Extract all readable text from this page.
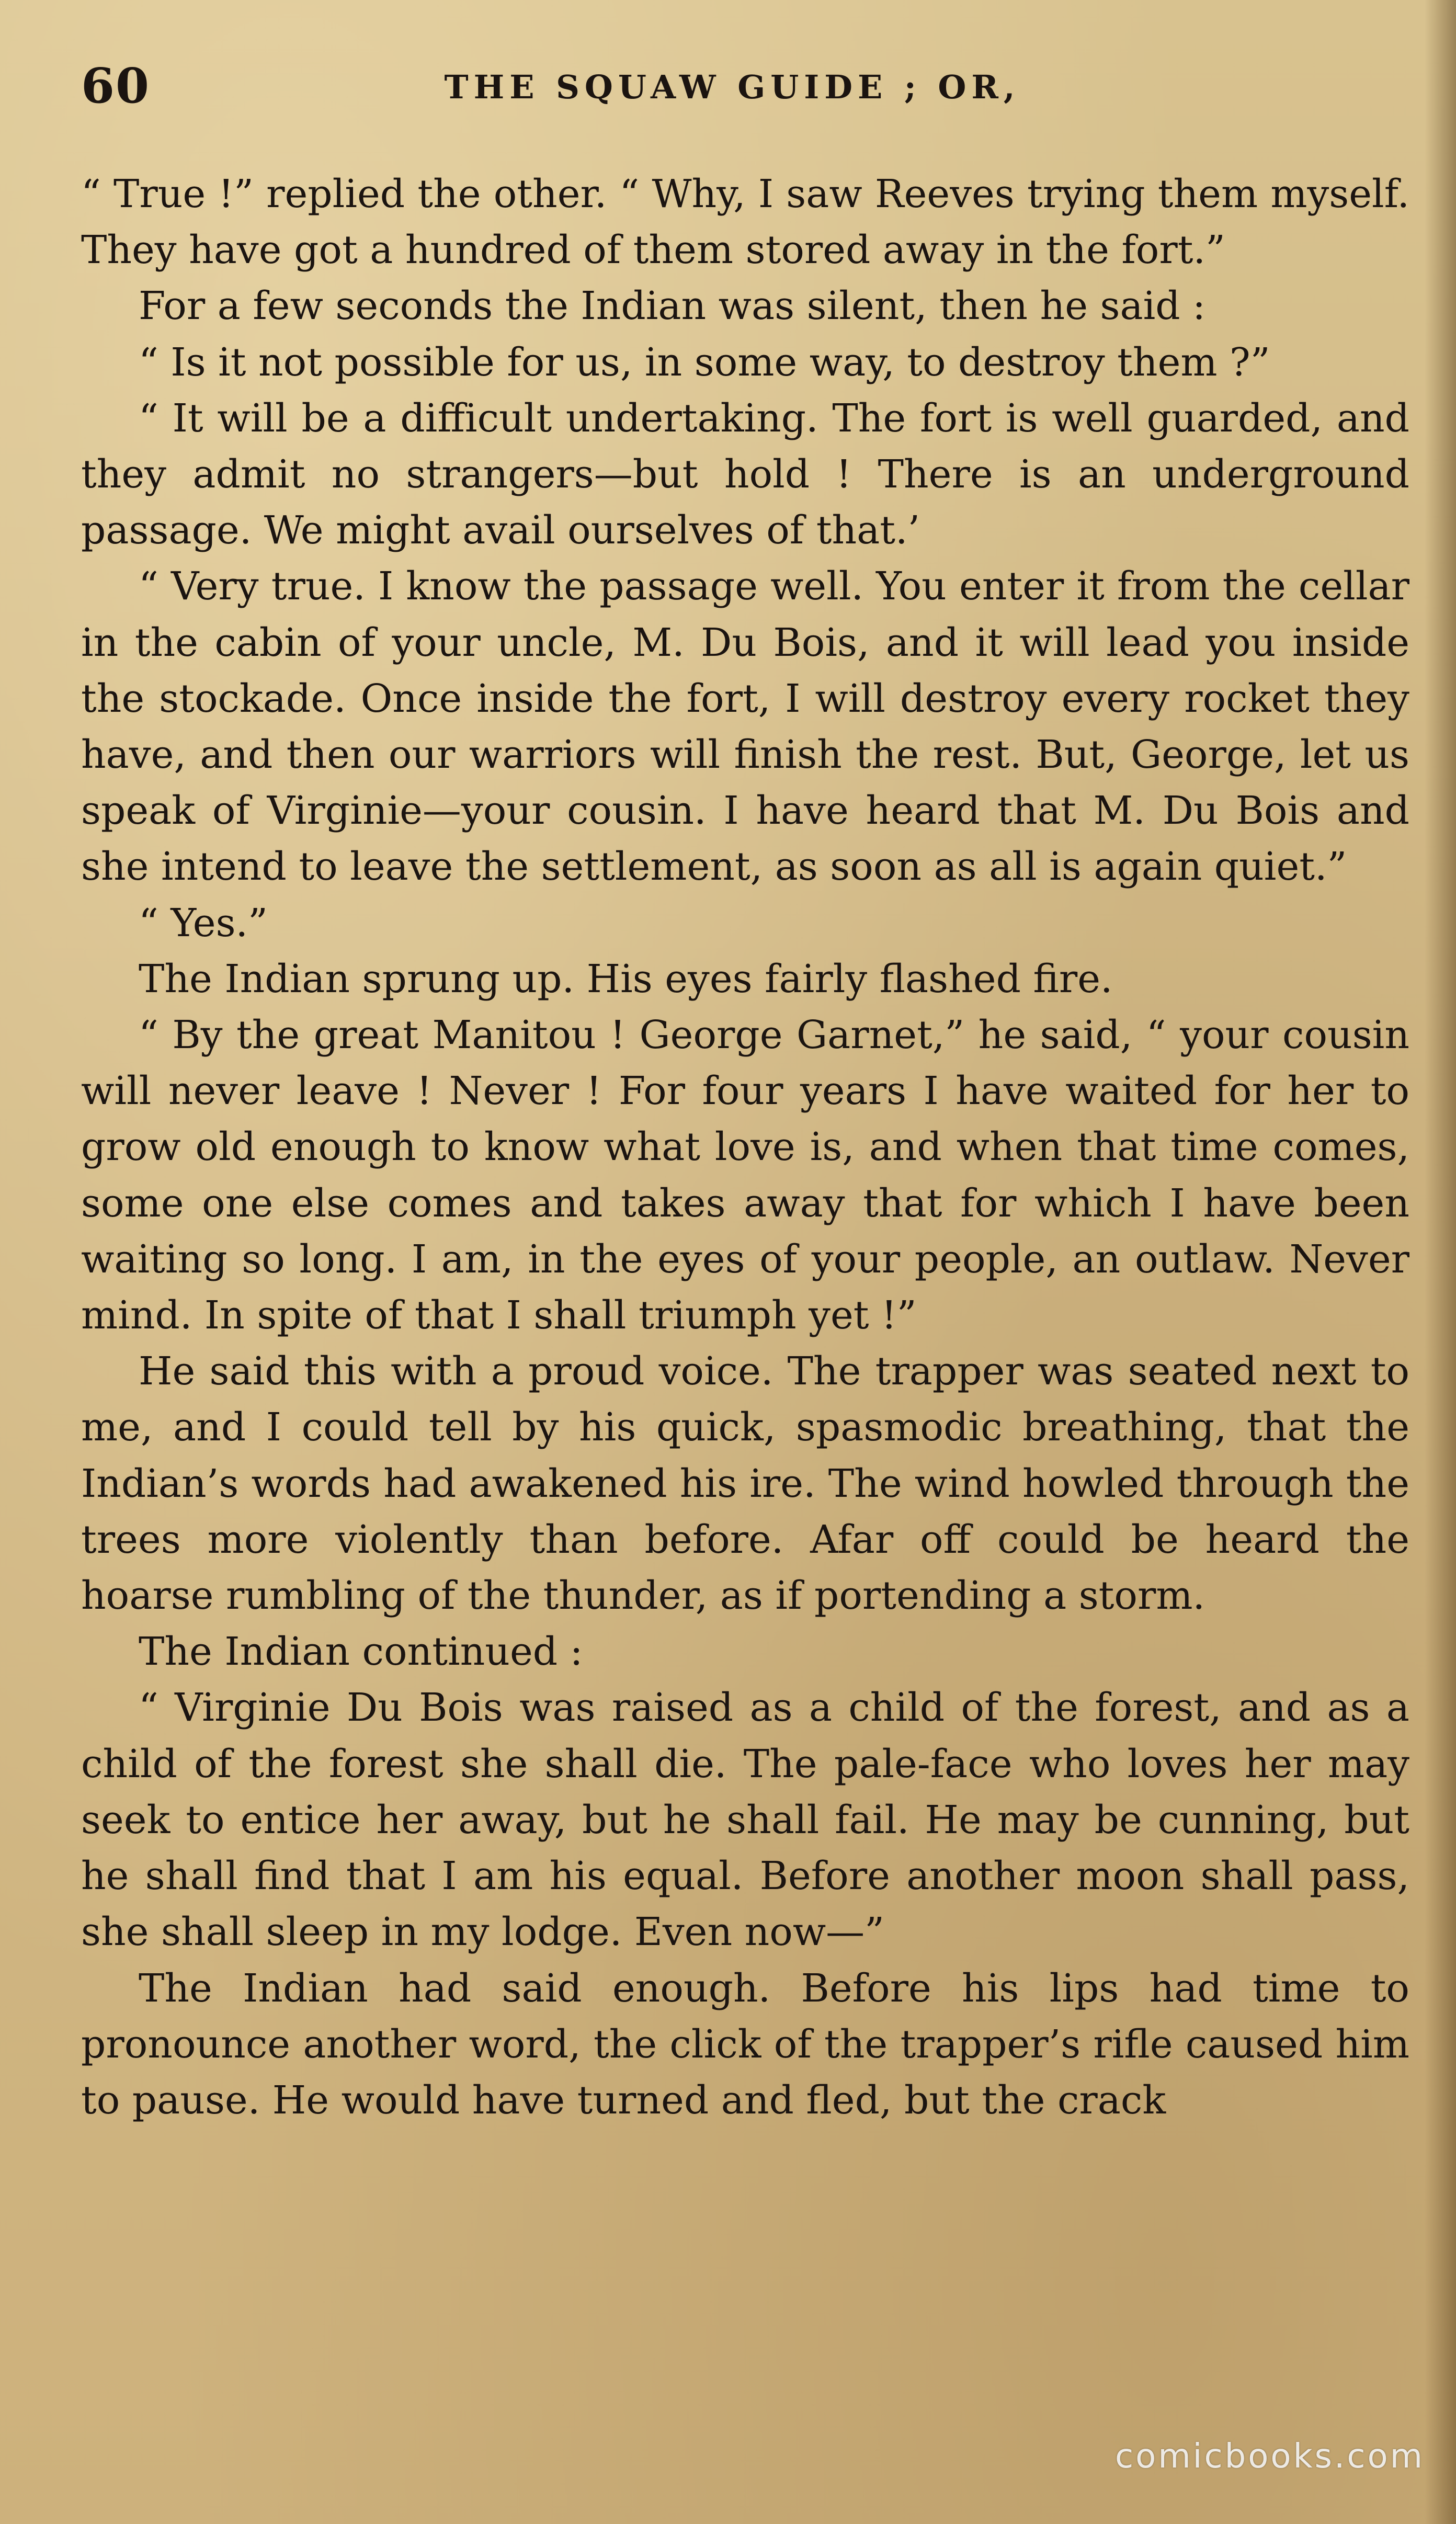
60	THE SQUAW GUIDE ; OR,

“ True !” replied the other. “ Why, I saw Reeves trying them myself. They have got a hundred of them stored away in the fort.”

For a few seconds the Indian was silent, then he said :

“ Is it not possible for us, in some way, to destroy them ?”

“ It will be a difficult undertaking. The fort is well guarded, and they admit no strangers—but hold ! There is an underground passage. We might avail ourselves of that.’

“ Very true. I know the passage well. You enter it from the cellar in the cabin of your uncle, M. Du Bois, and it will lead you inside the stockade. Once inside the fort, I will destroy every rocket they have, and then our warriors will finish the rest. But, George, let us speak of Virginie—your cousin. I have heard that M. Du Bois and she intend to leave the settlement, as soon as all is again quiet.”

“ Yes.”

The Indian sprung up. His eyes fairly flashed fire.

“ By the great Manitou ! George Garnet,” he said, “ your cousin will never leave ! Never ! For four years I have waited for her to grow old enough to know what love is, and when that time comes, some one else comes and takes away that for which I have been waiting so long. I am, in the eyes of your people, an outlaw. Never mind. In spite of that I shall triumph yet !”

He said this with a proud voice. The trapper was seated next to me, and I could tell by his quick, spasmodic breathing, that the Indian’s words had awakened his ire. The wind howled through the trees more violently than before. Afar off could be heard the hoarse rumbling of the thunder, as if portending a storm.

The Indian continued :

“ Virginie Du Bois was raised as a child of the forest, and as a child of the forest she shall die. The pale-face who loves her may seek to entice her away, but he shall fail. He may be cunning, but he shall find that I am his equal. Before another moon shall pass, she shall sleep in my lodge. Even now—”

The Indian had said enough. Before his lips had time to pronounce another word, the click of the trapper’s rifle caused him to pause. He would have turned and fled, but the crack

comicbooks.com
